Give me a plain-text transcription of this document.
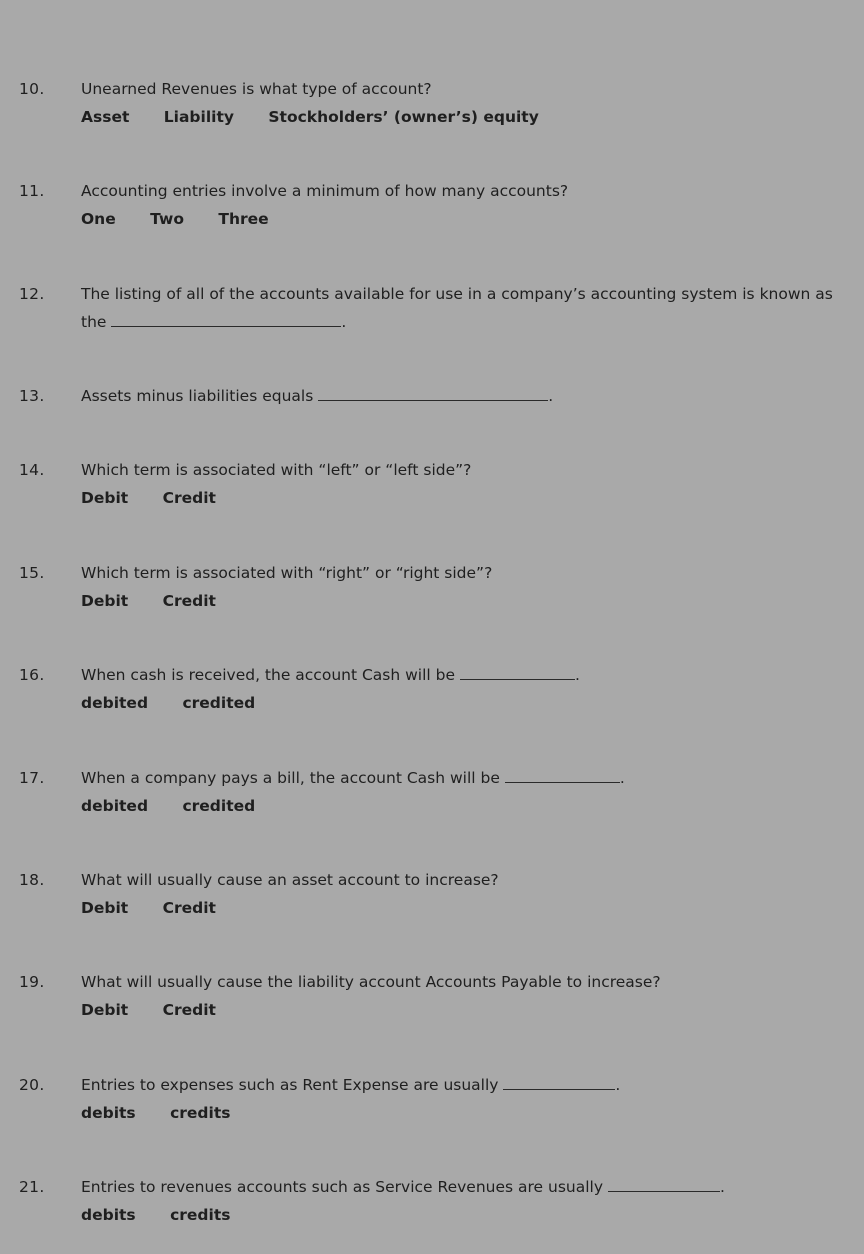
10. Unearned Revenues is what type of account?
Asset Liability Stockholders’ (owner’s) equity
11. Accounting entries involve a minimum of how many accounts?
One Two Three
12. The listing of all of the accounts available for use in a company’s accounting system is known as the	.
13. Assets minus liabilities equals	.
14. Which term is associated with “left” or “left side”?
Debit Credit
15. Which term is associated with “right” or “right side”?
Debit Credit
16. When cash is received, the account Cash will be	.
debited credited
17. When a company pays a bill, the account Cash will be	.
debited credited
18. What will usually cause an asset account to increase?
Debit Credit
19. What will usually cause the liability account Accounts Payable to increase?
Debit Credit
20. Entries to expenses such as Rent Expense are usually	.
debits credits
21. Entries to revenues accounts such as Service Revenues are usually	.
debits credits
